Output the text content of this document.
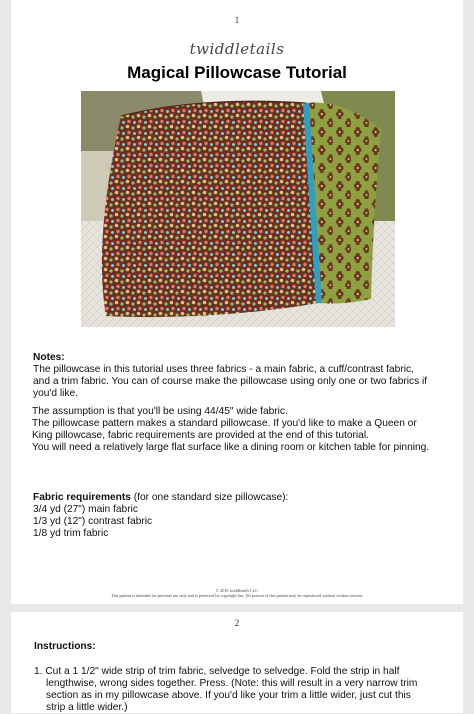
1
twiddletails
Magical Pillowcase Tutorial

Notes:

The pillowcase in this tutorial uses three fabrics - a main fabric, a cuff/contrast fabric,

and a trim fabric. You can of course make the pillowcase using only one or two fabrics if

you'd like.

The assumption is that you'll be using 44/45" wide fabric.

The pillowcase pattern makes a standard pillowcase. If you'd like to make a Queen or

King pillowcase, fabric requirements are provided at the end of this tutorial.

You will need a relatively large flat surface like a dining room or kitchen table for pinning.

Fabric requirements (for one standard size pillowcase):

3/4 yd (27") main fabric

1/3 yd (12") contrast fabric

1/8 yd trim fabric

© 2010 twiddletails LLC
This pattern is intended for personal use only and is protected by copyright law. No portion of this pattern may be reproduced without written consent.
2
Instructions:

1. Cut a 1 1/2" wide strip of trim fabric, selvedge to selvedge. Fold the strip in half

lengthwise, wrong sides together. Press. (Note: this will result in a very narrow trim

section as in my pillowcase above. If you'd like your trim a little wider, just cut this

strip a little wider.)
